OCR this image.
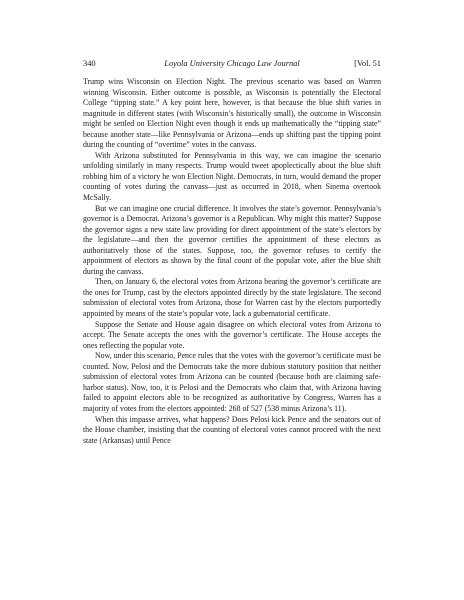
340	Loyola University Chicago Law Journal	[Vol. 51

Trump wins Wisconsin on Election Night. The previous scenario was based on Warren winning Wisconsin. Either outcome is possible, as Wisconsin is potentially the Electoral College “tipping state.” A key point here, however, is that because the blue shift varies in magnitude in different states (with Wisconsin’s historically small), the outcome in Wisconsin might be settled on Election Night even though it ends up mathematically the “tipping state” because another state—like Pennsylvania or Arizona—ends up shifting past the tipping point during the counting of “overtime” votes in the canvass.

With Arizona substituted for Pennsylvania in this way, we can imagine the scenario unfolding similarly in many respects. Trump would tweet apoplectically about the blue shift robbing him of a victory he won Election Night. Democrats, in turn, would demand the proper counting of votes during the canvass—just as occurred in 2018, when Sinema overtook McSally.

But we can imagine one crucial difference. It involves the state’s governor. Pennsylvania’s governor is a Democrat. Arizona’s governor is a Republican. Why might this matter? Suppose the governor signs a new state law providing for direct appointment of the state’s electors by the legislature—and then the governor certifies the appointment of these electors as authoritatively those of the states. Suppose, too, the governor refuses to certify the appointment of electors as shown by the final count of the popular vote, after the blue shift during the canvass.

Then, on January 6, the electoral votes from Arizona bearing the governor’s certificate are the ones for Trump, cast by the electors appointed directly by the state legislature. The second submission of electoral votes from Arizona, those for Warren cast by the electors purportedly appointed by means of the state’s popular vote, lack a gubernatorial certificate.

Suppose the Senate and House again disagree on which electoral votes from Arizona to accept. The Senate accepts the ones with the governor’s certificate. The House accepts the ones reflecting the popular vote.

Now, under this scenario, Pence rules that the votes with the governor’s certificate must be counted. Now, Pelosi and the Democrats take the more dubious statutory position that neither submission of electoral votes from Arizona can be counted (because both are claiming safe-harbor status). Now, too, it is Pelosi and the Democrats who claim that, with Arizona having failed to appoint electors able to be recognized as authoritative by Congress, Warren has a majority of votes from the electors appointed: 268 of 527 (538 minus Arizona’s 11).

When this impasse arrives, what happens? Does Pelosi kick Pence and the senators out of the House chamber, insisting that the counting of electoral votes cannot proceed with the next state (Arkansas) until Pence
